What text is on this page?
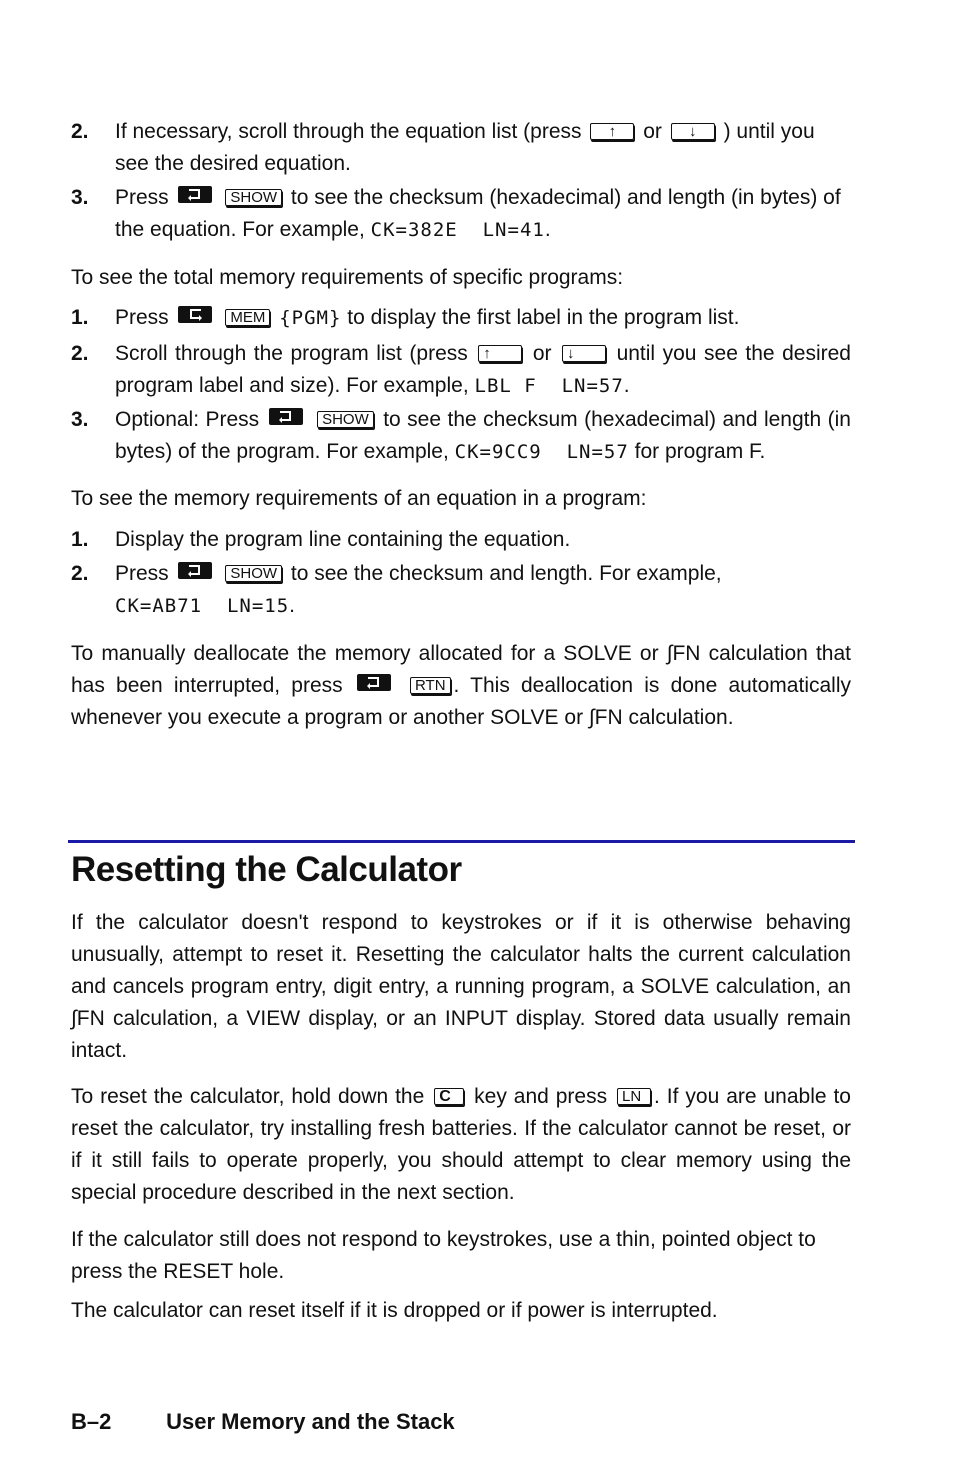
2. If necessary, scroll through the equation list (press ↑ or ↓ ) until you see the desired equation.
3. Press	SHOW to see the checksum (hexadecimal) and length (in bytes) of the equation. For example, CK=382E  LN=41.
To see the total memory requirements of specific programs:
1. Press	MEM {PGM} to display the first label in the program list.
2. Scroll through the program list (press ↑ or ↓ until you see the desired program label and size). For example, LBL F  LN=57.
3. Optional: Press	SHOW to see the checksum (hexadecimal) and length (in bytes) of the program. For example, CK=9CC9  LN=57 for program F.
To see the memory requirements of an equation in a program:
1. Display the program line containing the equation.
2. Press	SHOW to see the checksum and length. For example, CK=AB71  LN=15.
To manually deallocate the memory allocated for a SOLVE or ∫FN calculation that has been interrupted, press	RTN . This deallocation is done automatically whenever you execute a program or another SOLVE or ∫FN calculation.
Resetting the Calculator
If the calculator doesn't respond to keystrokes or if it is otherwise behaving unusually, attempt to reset it. Resetting the calculator halts the current calculation and cancels program entry, digit entry, a running program, a SOLVE calculation, an ∫FN calculation, a VIEW display, or an INPUT display. Stored data usually remain intact.
To reset the calculator, hold down the C key and press LN . If you are unable to reset the calculator, try installing fresh batteries. If the calculator cannot be reset, or if it still fails to operate properly, you should attempt to clear memory using the special procedure described in the next section.
If the calculator still does not respond to keystrokes, use a thin, pointed object to press the RESET hole.
The calculator can reset itself if it is dropped or if power is interrupted.
B–2 User Memory and the Stack
